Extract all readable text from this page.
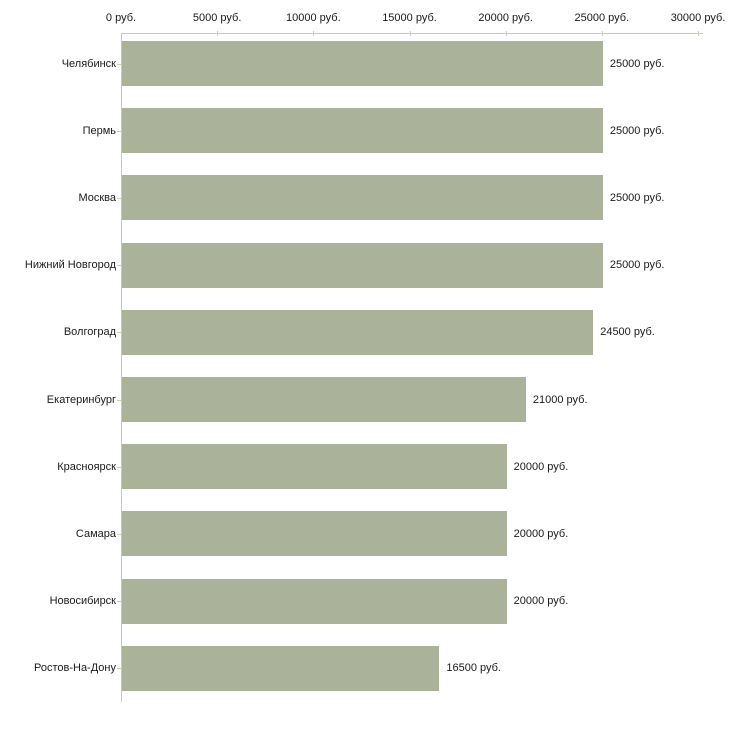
0 руб.	5000 руб.	10000 руб.	15000 руб.	20000 руб.	25000 руб.	30000 руб.
Челябинск	25000 руб.
Пермь	25000 руб.
Москва	25000 руб.
Нижний Новгород	25000 руб.
Волгоград	24500 руб.
Екатеринбург	21000 руб.
Красноярск	20000 руб.
Самара	20000 руб.
Новосибирск	20000 руб.
Ростов-На-Дону	16500 руб.
